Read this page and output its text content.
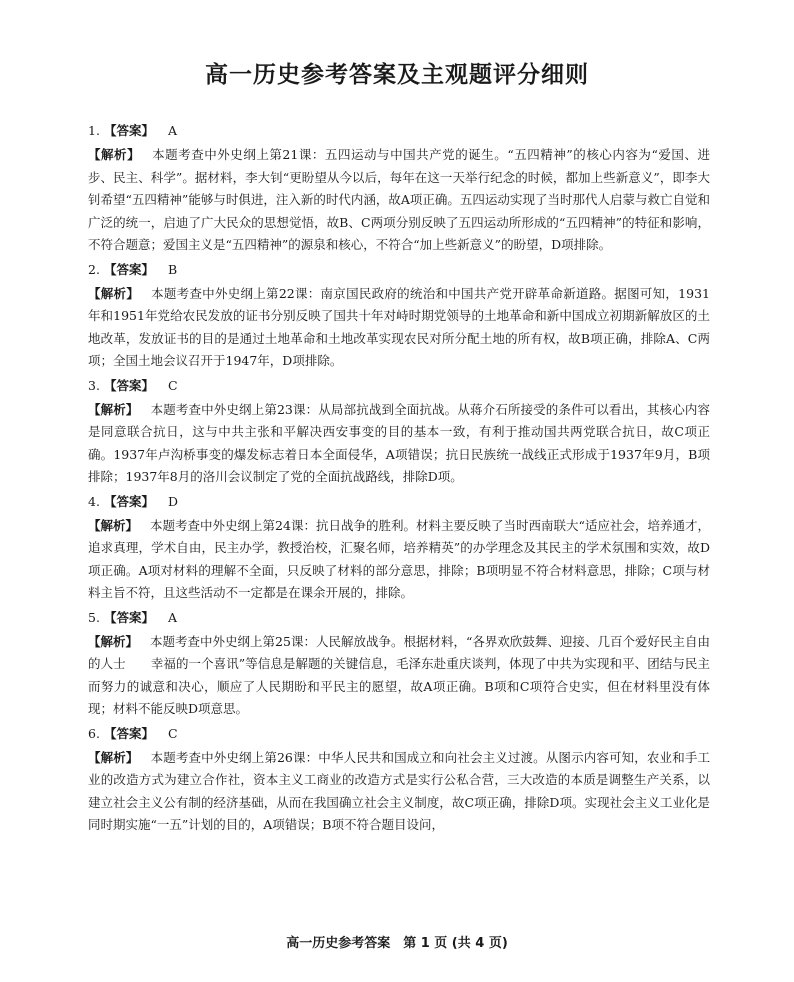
高一历史参考答案及主观题评分细则
1. 【答案】 A
【解析】 本题考查中外史纲上第21课：五四运动与中国共产党的诞生。“五四精神”的核心内容为“爱国、进步、民主、科学”。据材料，李大钊“更盼望从今以后，每年在这一天举行纪念的时候，都加上些新意义”，即李大钊希望“五四精神”能够与时俱进，注入新的时代内涵，故A项正确。五四运动实现了当时那代人启蒙与救亡自觉和广泛的统一，启迪了广大民众的思想觉悟，故B、C两项分别反映了五四运动所形成的“五四精神”的特征和影响，不符合题意；爱国主义是“五四精神”的源泉和核心，不符合“加上些新意义”的盼望，D项排除。
2. 【答案】 B
【解析】 本题考查中外史纲上第22课：南京国民政府的统治和中国共产党开辟革命新道路。据图可知，1931年和1951年党给农民发放的证书分别反映了国共十年对峙时期党领导的土地革命和新中国成立初期新解放区的土地改革，发放证书的目的是通过土地革命和土地改革实现农民对所分配土地的所有权，故B项正确，排除A、C两项；全国土地会议召开于1947年，D项排除。
3. 【答案】 C
【解析】 本题考查中外史纲上第23课：从局部抗战到全面抗战。从蒋介石所接受的条件可以看出，其核心内容是同意联合抗日，这与中共主张和平解决西安事变的目的基本一致，有利于推动国共两党联合抗日，故C项正确。1937年卢沟桥事变的爆发标志着日本全面侵华，A项错误；抗日民族统一战线正式形成于1937年9月，B项排除；1937年8月的洛川会议制定了党的全面抗战路线，排除D项。
4. 【答案】 D
【解析】 本题考查中外史纲上第24课：抗日战争的胜利。材料主要反映了当时西南联大“适应社会，培养通才，追求真理，学术自由，民主办学，教授治校，汇聚名师，培养精英”的办学理念及其民主的学术氛围和实效，故D项正确。A项对材料的理解不全面，只反映了材料的部分意思，排除；B项明显不符合材料意思，排除；C项与材料主旨不符，且这些活动不一定都是在课余开展的，排除。
5. 【答案】 A
【解析】 本题考查中外史纲上第25课：人民解放战争。根据材料，“各界欢欣鼓舞、迎接、几百个爱好民主自由的人士　　幸福的一个喜讯”等信息是解题的关键信息，毛泽东赴重庆谈判，体现了中共为实现和平、团结与民主而努力的诚意和决心，顺应了人民期盼和平民主的愿望，故A项正确。B项和C项符合史实，但在材料里没有体现；材料不能反映D项意思。
6. 【答案】 C
【解析】 本题考查中外史纲上第26课：中华人民共和国成立和向社会主义过渡。从图示内容可知，农业和手工业的改造方式为建立合作社，资本主义工商业的改造方式是实行公私合营，三大改造的本质是调整生产关系，以建立社会主义公有制的经济基础，从而在我国确立社会主义制度，故C项正确，排除D项。实现社会主义工业化是同时期实施“一五”计划的目的，A项错误；B项不符合题目设问，
高一历史参考答案　第 1 页 (共 4 页)
